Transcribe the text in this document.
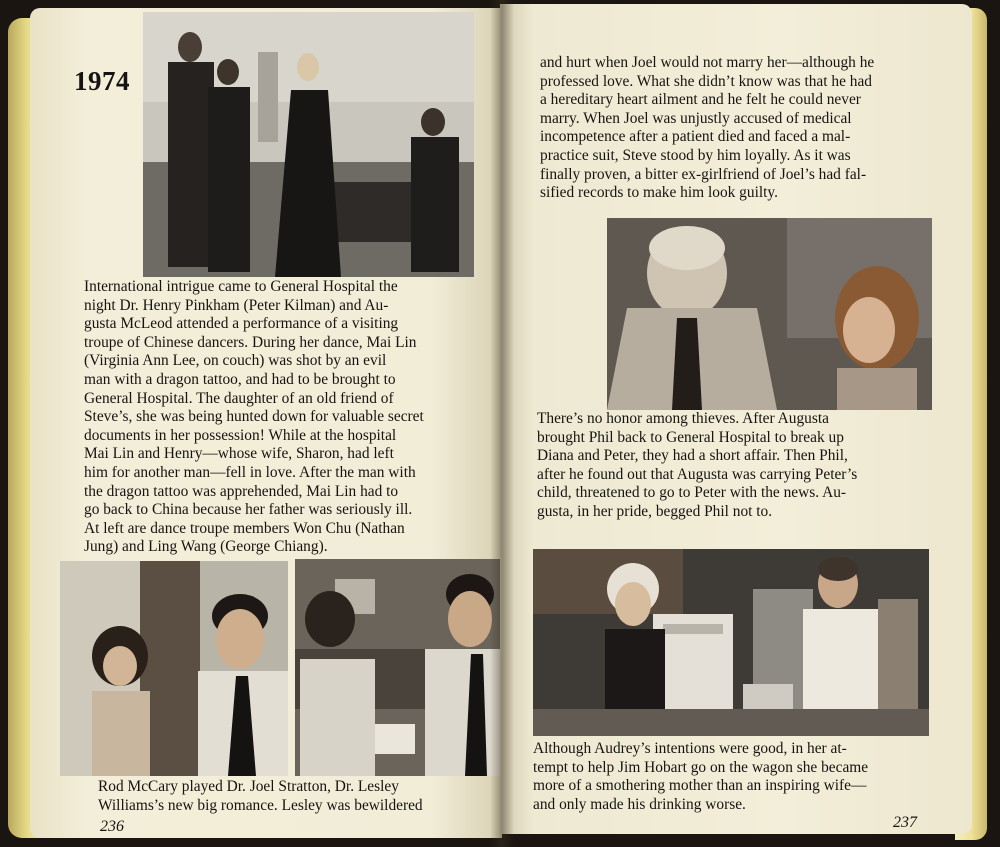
1974
International intrigue came to General Hospital the
night Dr. Henry Pinkham (Peter Kilman) and Au-
gusta McLeod attended a performance of a visiting
troupe of Chinese dancers. During her dance, Mai Lin
(Virginia Ann Lee, on couch) was shot by an evil
man with a dragon tattoo, and had to be brought to
General Hospital. The daughter of an old friend of
Steve’s, she was being hunted down for valuable secret
documents in her possession! While at the hospital
Mai Lin and Henry—whose wife, Sharon, had left
him for another man—fell in love. After the man with
the dragon tattoo was apprehended, Mai Lin had to
go back to China because her father was seriously ill.
At left are dance troupe members Won Chu (Nathan
Jung) and Ling Wang (George Chiang).
Rod McCary played Dr. Joel Stratton, Dr. Lesley
Williams’s new big romance. Lesley was bewildered
236
and hurt when Joel would not marry her—although he
professed love. What she didn’t know was that he had
a hereditary heart ailment and he felt he could never
marry. When Joel was unjustly accused of medical
incompetence after a patient died and faced a mal-
practice suit, Steve stood by him loyally. As it was
finally proven, a bitter ex-girlfriend of Joel’s had fal-
sified records to make him look guilty.
There’s no honor among thieves. After Augusta
brought Phil back to General Hospital to break up
Diana and Peter, they had a short affair. Then Phil,
after he found out that Augusta was carrying Peter’s
child, threatened to go to Peter with the news. Au-
gusta, in her pride, begged Phil not to.
Although Audrey’s intentions were good, in her at-
tempt to help Jim Hobart go on the wagon she became
more of a smothering mother than an inspiring wife—
and only made his drinking worse.
237
